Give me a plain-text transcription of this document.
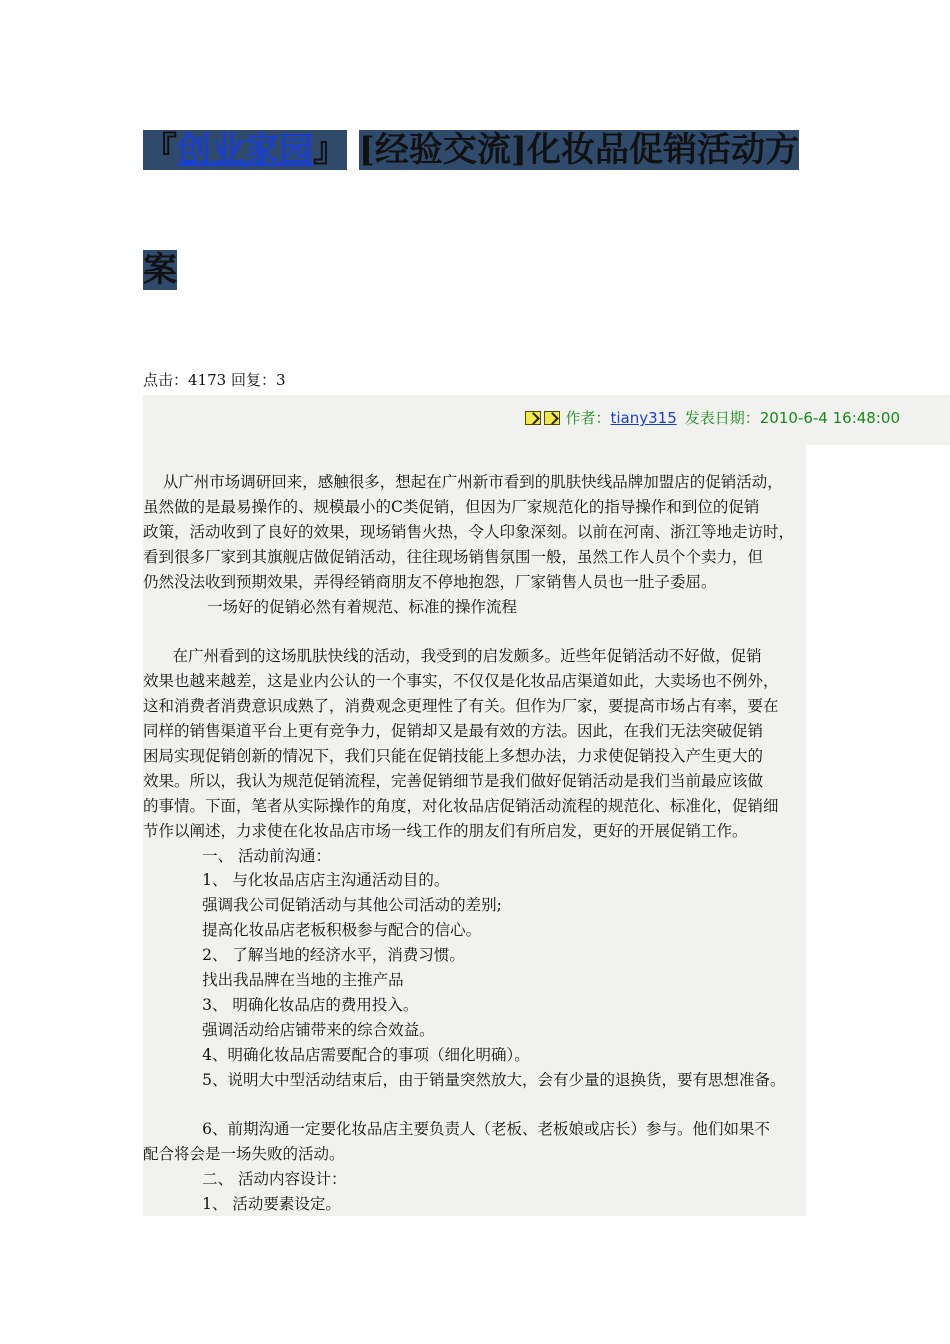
『创业家园』 [经验交流]化妆品促销活动方
案
点击：4173 回复：3
作者： tiany315 发表日期： 2010-6-4 16:48:00
从广州市场调研回来，感触很多，想起在广州新市看到的肌肤快线品牌加盟店的促销活动，
虽然做的是最易操作的、规模最小的C类促销，但因为厂家规范化的指导操作和到位的促销
政策，活动收到了良好的效果，现场销售火热，令人印象深刻。以前在河南、浙江等地走访时，
看到很多厂家到其旗舰店做促销活动，往往现场销售氛围一般，虽然工作人员个个卖力，但
仍然没法收到预期效果，弄得经销商朋友不停地抱怨，厂家销售人员也一肚子委屈。
一场好的促销必然有着规范、标准的操作流程
在广州看到的这场肌肤快线的活动，我受到的启发颇多。近些年促销活动不好做，促销
效果也越来越差，这是业内公认的一个事实，不仅仅是化妆品店渠道如此，大卖场也不例外，
这和消费者消费意识成熟了，消费观念更理性了有关。但作为厂家，要提高市场占有率，要在
同样的销售渠道平台上更有竞争力，促销却又是最有效的方法。因此，在我们无法突破促销
困局实现促销创新的情况下，我们只能在促销技能上多想办法，力求使促销投入产生更大的
效果。所以，我认为规范促销流程，完善促销细节是我们做好促销活动是我们当前最应该做
的事情。下面，笔者从实际操作的角度，对化妆品店促销活动流程的规范化、标准化，促销细
节作以阐述，力求使在化妆品店市场一线工作的朋友们有所启发，更好的开展促销工作。
一、 活动前沟通：
1、 与化妆品店店主沟通活动目的。
强调我公司促销活动与其他公司活动的差别;
提高化妆品店老板积极参与配合的信心。
2、 了解当地的经济水平，消费习惯。
找出我品牌在当地的主推产品
3、 明确化妆品店的费用投入。
强调活动给店铺带来的综合效益。
4、明确化妆品店需要配合的事项（细化明确）。
5、说明大中型活动结束后，由于销量突然放大，会有少量的退换货，要有思想准备。
6、前期沟通一定要化妆品店主要负责人（老板、老板娘或店长）参与。他们如果不
配合将会是一场失败的活动。
二、 活动内容设计：
1、 活动要素设定。
